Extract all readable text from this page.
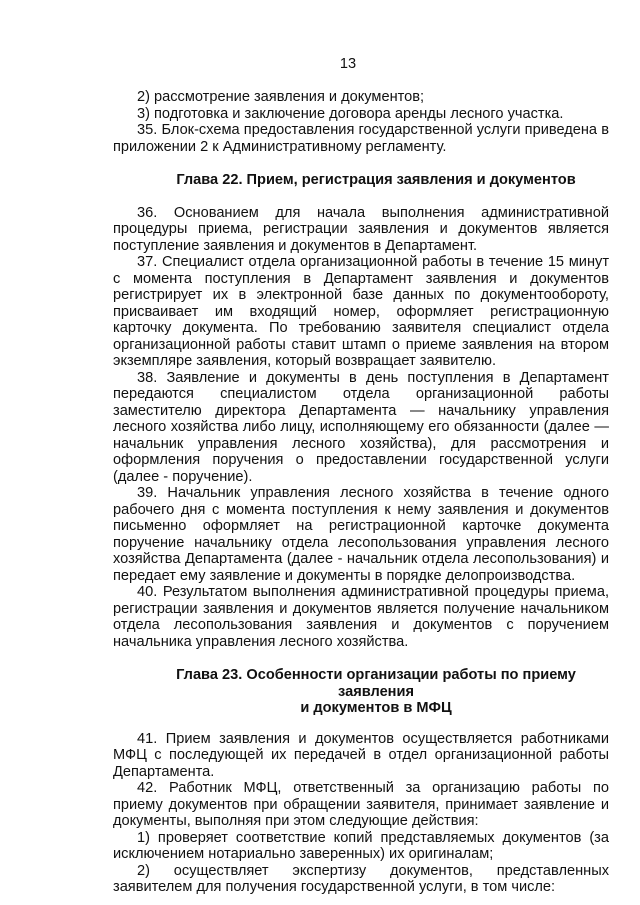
13

2) рассмотрение заявления и документов;

3) подготовка и заключение договора аренды лесного участка.

35. Блок-схема предоставления государственной услуги приведена в приложении 2 к Административному регламенту.

Глава 22. Прием, регистрация заявления и документов

36. Основанием для начала выполнения административной процедуры приема, регистрации заявления и документов является поступление заявления и документов в Департамент.

37. Специалист отдела организационной работы в течение 15 минут с момента поступления в Департамент заявления и документов регистрирует их в электронной базе данных по документообороту, присваивает им входящий номер, оформляет регистрационную карточку документа. По требованию заявителя специалист отдела организационной работы ставит штамп о приеме заявления на втором экземпляре заявления, который возвращает заявителю.

38. Заявление и документы в день поступления в Департамент передаются специалистом отдела организационной работы заместителю директора Департамента — начальнику управления лесного хозяйства либо лицу, исполняющему его обязанности (далее — начальник управления лесного хозяйства), для рассмотрения и оформления поручения о предоставлении государственной услуги (далее - поручение).

39. Начальник управления лесного хозяйства в течение одного рабочего дня с момента поступления к нему заявления и документов письменно оформляет на регистрационной карточке документа поручение начальнику отдела лесопользования управления лесного хозяйства Департамента (далее - начальник отдела лесопользования) и передает ему заявление и документы в порядке делопроизводства.

40. Результатом выполнения административной процедуры приема, регистрации заявления и документов является получение начальником отдела лесопользования заявления и документов с поручением начальника управления лесного хозяйства.

Глава 23. Особенности организации работы по приему заявления
и документов в МФЦ

41. Прием заявления и документов осуществляется работниками МФЦ с последующей их передачей в отдел организационной работы Департамента.

42. Работник МФЦ, ответственный за организацию работы по приему документов при обращении заявителя, принимает заявление и документы, выполняя при этом следующие действия:

1) проверяет соответствие копий представляемых документов (за исключением нотариально заверенных) их оригиналам;

2) осуществляет экспертизу документов, представленных заявителем для получения государственной услуги, в том числе:
